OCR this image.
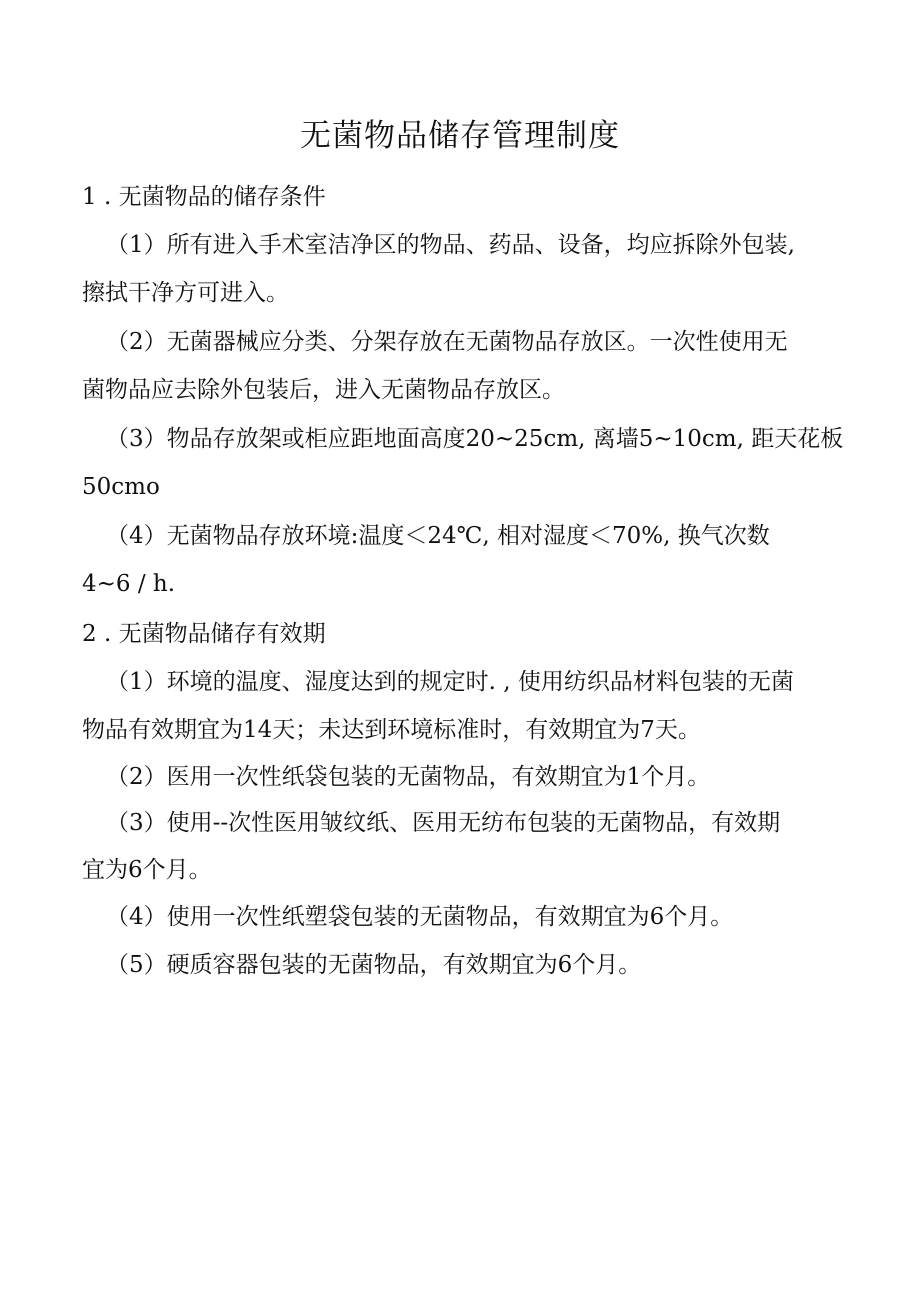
无菌物品储存管理制度
1 . 无菌物品的储存条件
（1）所有进入手术室洁净区的物品、药品、设备，均应拆除外包装,
擦拭干净方可进入。
（2）无菌器械应分类、分架存放在无菌物品存放区。一次性使用无
菌物品应去除外包装后，进入无菌物品存放区。
（3）物品存放架或柜应距地面高度20~25cm, 离墙5~10cm, 距天花板
50cmo
（4）无菌物品存放环境:温度＜24℃, 相对湿度＜70%, 换气次数
4~6 / h.
2 . 无菌物品储存有效期
（1）环境的温度、湿度达到的规定时. , 使用纺织品材料包装的无菌
物品有效期宜为14天；未达到环境标准时，有效期宜为7天。
（2）医用一次性纸袋包装的无菌物品，有效期宜为1个月。
（3）使用--次性医用皱纹纸、医用无纺布包装的无菌物品，有效期
宜为6个月。
（4）使用一次性纸塑袋包装的无菌物品，有效期宜为6个月。
（5）硬质容器包装的无菌物品，有效期宜为6个月。
